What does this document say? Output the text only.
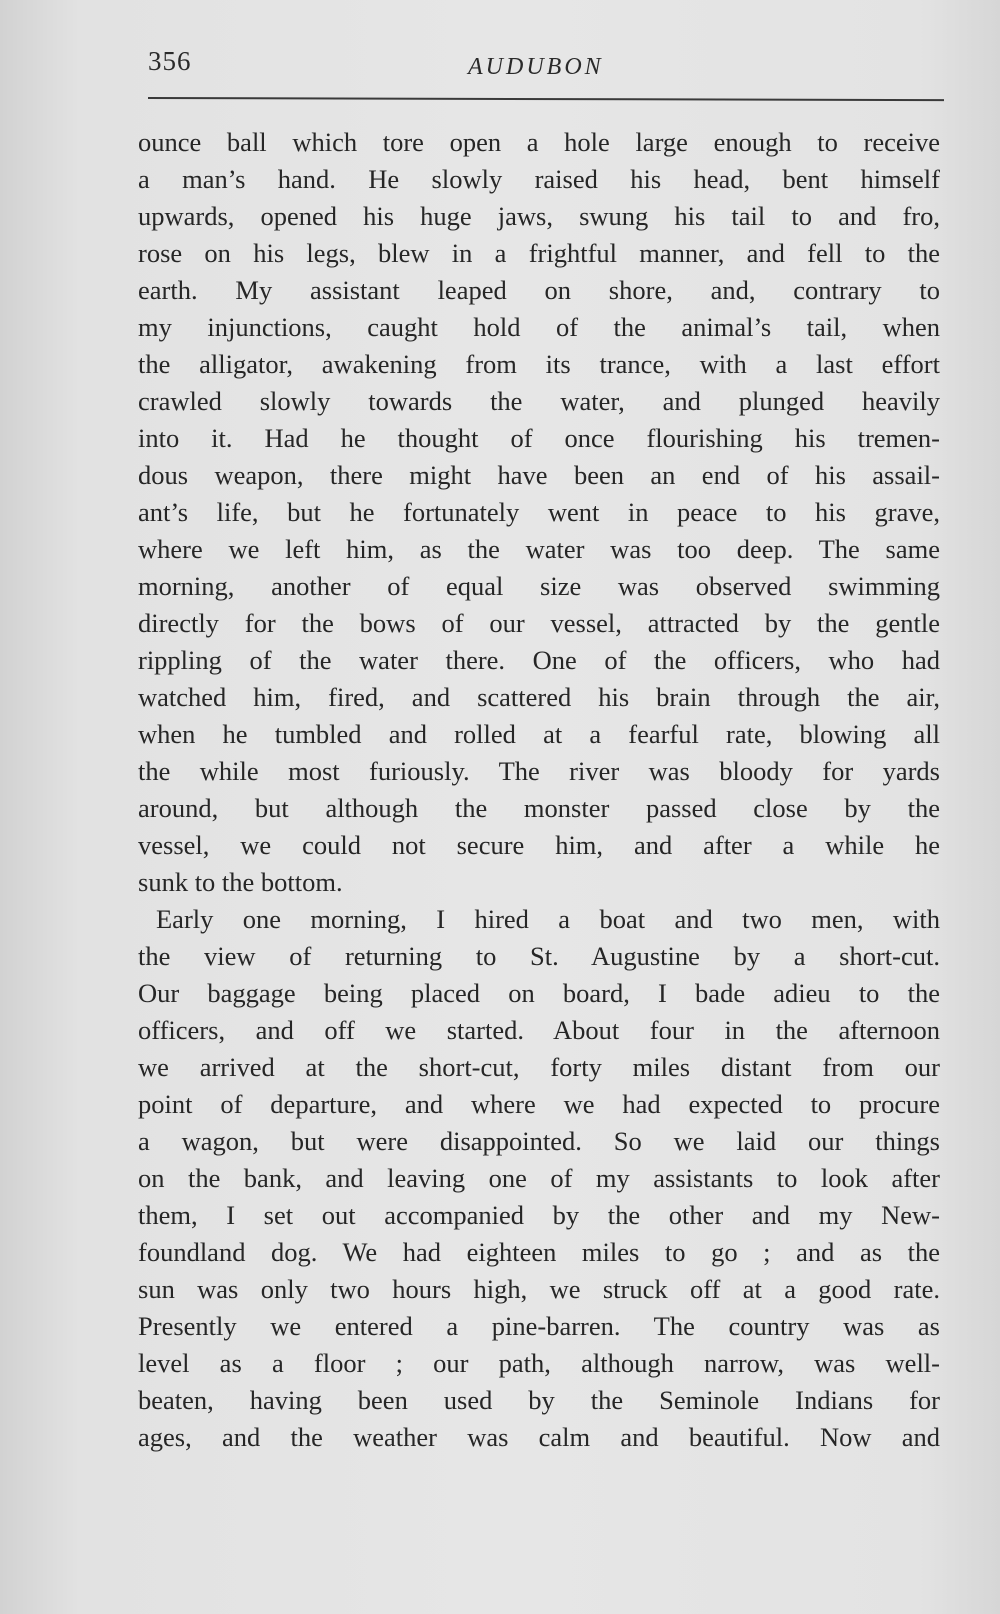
356	AUDUBON
ounce ball which tore open a hole large enough to receive
a man’s hand. He slowly raised his head, bent himself
upwards, opened his huge jaws, swung his tail to and fro,
rose on his legs, blew in a frightful manner, and fell to the
earth. My assistant leaped on shore, and, contrary to
my injunctions, caught hold of the animal’s tail, when
the alligator, awakening from its trance, with a last effort
crawled slowly towards the water, and plunged heavily
into it. Had he thought of once flourishing his tremen-
dous weapon, there might have been an end of his assail-
ant’s life, but he fortunately went in peace to his grave,
where we left him, as the water was too deep. The same
morning, another of equal size was observed swimming
directly for the bows of our vessel, attracted by the gentle
rippling of the water there. One of the officers, who had
watched him, fired, and scattered his brain through the air,
when he tumbled and rolled at a fearful rate, blowing all
the while most furiously. The river was bloody for yards
around, but although the monster passed close by the
vessel, we could not secure him, and after a while he
sunk to the bottom.
Early one morning, I hired a boat and two men, with
the view of returning to St. Augustine by a short-cut.
Our baggage being placed on board, I bade adieu to the
officers, and off we started. About four in the afternoon
we arrived at the short-cut, forty miles distant from our
point of departure, and where we had expected to procure
a wagon, but were disappointed. So we laid our things
on the bank, and leaving one of my assistants to look after
them, I set out accompanied by the other and my New-
foundland dog. We had eighteen miles to go ; and as the
sun was only two hours high, we struck off at a good rate.
Presently we entered a pine-barren. The country was as
level as a floor ; our path, although narrow, was well-
beaten, having been used by the Seminole Indians for
ages, and the weather was calm and beautiful. Now and
